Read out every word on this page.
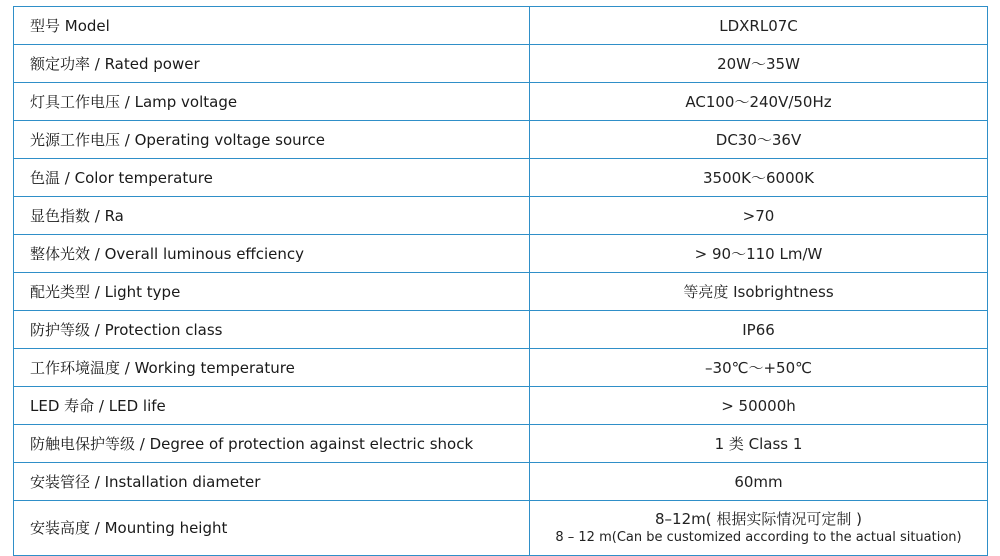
型号 Model	LDXRL07C
额定功率 / Rated power	20W～35W
灯具工作电压 / Lamp voltage	AC100～240V/50Hz
光源工作电压 / Operating voltage source	DC30～36V
色温 / Color temperature	3500K～6000K
显色指数 / Ra	>70
整体光效 / Overall luminous effciency	> 90～110 Lm/W
配光类型 / Light type	等亮度 Isobrightness
防护等级 / Protection class	IP66
工作环境温度 / Working temperature	–30℃～+50℃
LED 寿命 / LED life	> 50000h
防触电保护等级 / Degree of protection against electric shock	1 类 Class 1
安装管径 / Installation diameter	60mm
安装高度 / Mounting height	8–12m( 根据实际情况可定制 )
8 – 12 m(Can be customized according to the actual situation)
